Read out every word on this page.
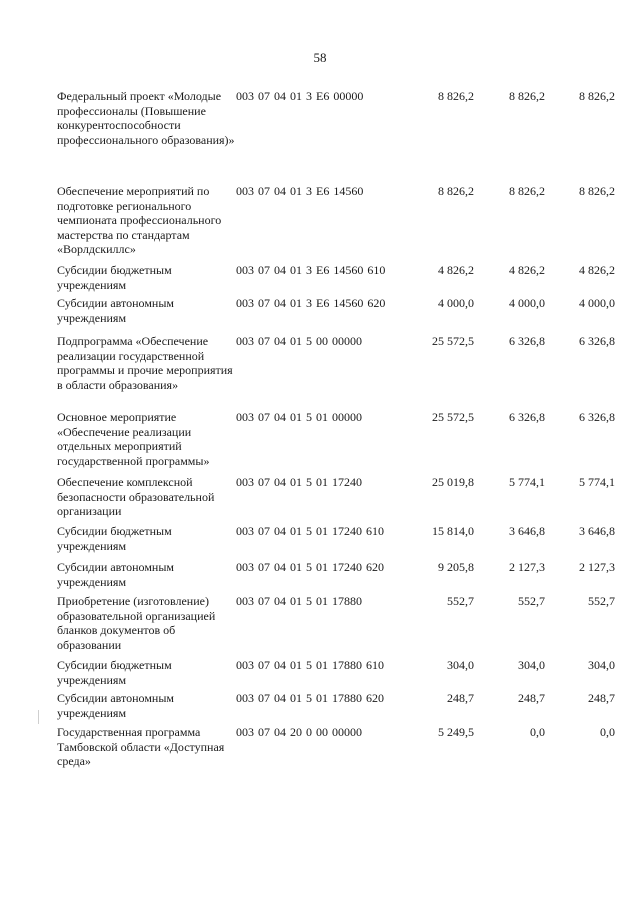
58
Федеральный проект «Молодые профессионалы (Повышение конкурентоспособности профессионального образования)»
003 07 04 01 3 Е6 00000	8 826,2	8 826,2	8 826,2
Обеспечение мероприятий по подготовке регионального чемпионата профессионального мастерства по стандартам «Ворлдскиллс»
003 07 04 01 3 Е6 14560	8 826,2	8 826,2	8 826,2
Субсидии бюджетным учреждениям
003 07 04 01 3 Е6 14560 610	4 826,2	4 826,2	4 826,2
Субсидии автономным учреждениям
003 07 04 01 3 Е6 14560 620	4 000,0	4 000,0	4 000,0
Подпрограмма «Обеспечение реализации государственной программы и прочие мероприятия в области образования»
003 07 04 01 5 00 00000	25 572,5	6 326,8	6 326,8
Основное мероприятие «Обеспечение реализации отдельных мероприятий государственной программы»
003 07 04 01 5 01 00000	25 572,5	6 326,8	6 326,8
Обеспечение комплексной безопасности образовательной организации
003 07 04 01 5 01 17240	25 019,8	5 774,1	5 774,1
Субсидии бюджетным учреждениям
003 07 04 01 5 01 17240 610	15 814,0	3 646,8	3 646,8
Субсидии автономным учреждениям
003 07 04 01 5 01 17240 620	9 205,8	2 127,3	2 127,3
Приобретение (изготовление) образовательной организацией бланков документов об образовании
003 07 04 01 5 01 17880	552,7	552,7	552,7
Субсидии бюджетным учреждениям
003 07 04 01 5 01 17880 610	304,0	304,0	304,0
Субсидии автономным учреждениям
003 07 04 01 5 01 17880 620	248,7	248,7	248,7
Государственная программа Тамбовской области «Доступная среда»
003 07 04 20 0 00 00000	5 249,5	0,0	0,0
